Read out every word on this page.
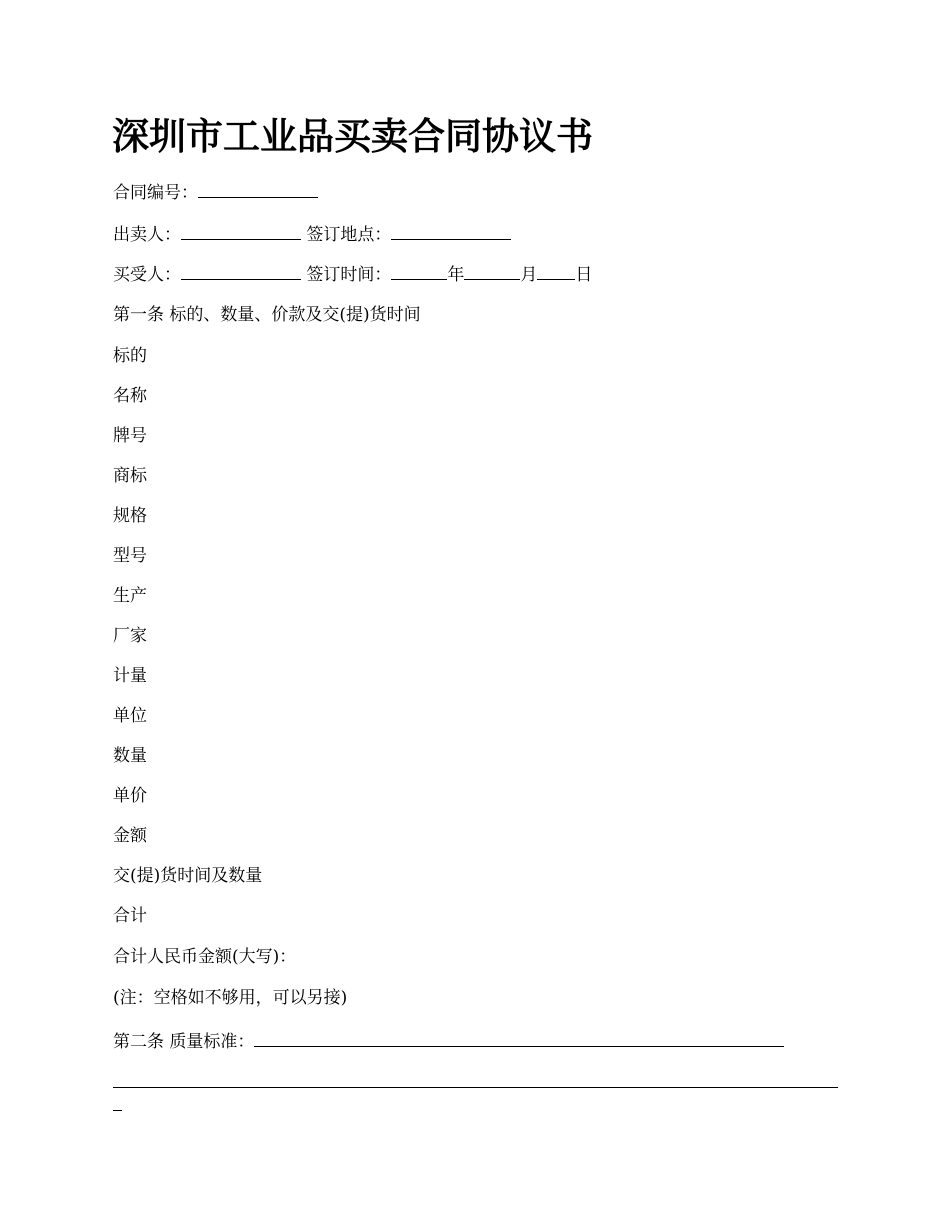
深圳市工业品买卖合同协议书
合同编号：
出卖人：	签订地点：
买受人：	签订时间：	年	月 日
第一条 标的、数量、价款及交(提)货时间
标的
名称
牌号
商标
规格
型号
生产
厂家
计量
单位
数量
单价
金额
交(提)货时间及数量
合计
合计人民币金额(大写)：
(注：空格如不够用，可以另接)
第二条 质量标准：
